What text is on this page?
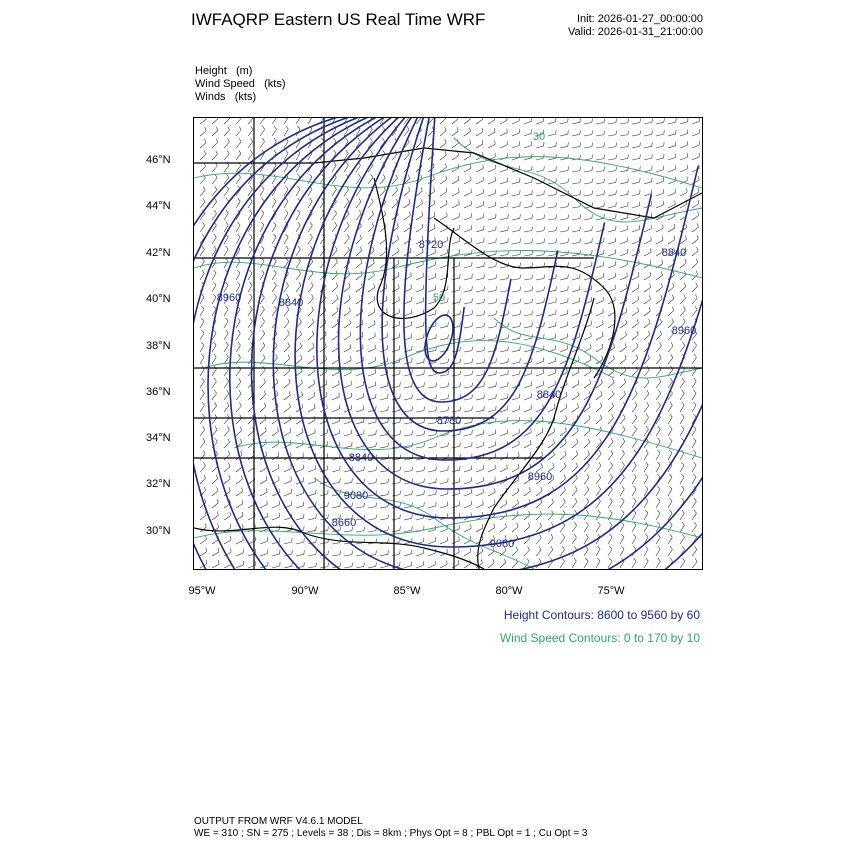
IWFAQRP Eastern US Real Time WRF	Init: 2026-01-27_00:00:00
Valid: 2026-01-31_21:00:00
Height   (m)
Wind Speed   (kts)
Winds   (kts)
8720
8840
8840
8960
8960
8840
8780
8840
8960
9080
9080
8660
30
50
46°N
44°N
42°N
40°N
38°N
36°N
34°N
32°N
30°N
95°W	90°W	85°W	80°W	75°W
Height Contours: 8600 to 9560 by 60
Wind Speed Contours: 0 to 170 by 10
OUTPUT FROM WRF V4.6.1 MODEL
WE = 310 ; SN = 275 ; Levels = 38 ; Dis = 8km ; Phys Opt = 8 ; PBL Opt = 1 ; Cu Opt = 3
